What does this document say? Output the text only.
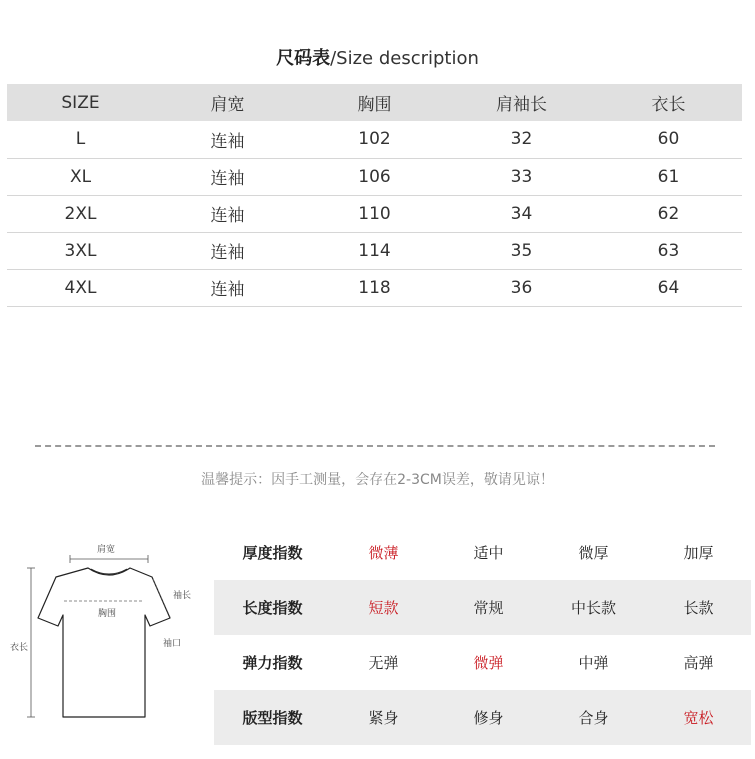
尺码表/Size description
SIZE	肩宽	胸围	肩袖长	衣长
L	连袖	102	32	60
XL	连袖	106	33	61
2XL	连袖	110	34	62
3XL	连袖	114	35	63
4XL	连袖	118	36	64
温馨提示：因手工测量，会存在2-3CM误差，敬请见谅！
肩宽
袖长
胸围
袖口
衣长
厚度指数	微薄	适中	微厚	加厚
长度指数	短款	常规	中长款	长款
弹力指数	无弹	微弹	中弹	高弹
版型指数	紧身	修身	合身	宽松
